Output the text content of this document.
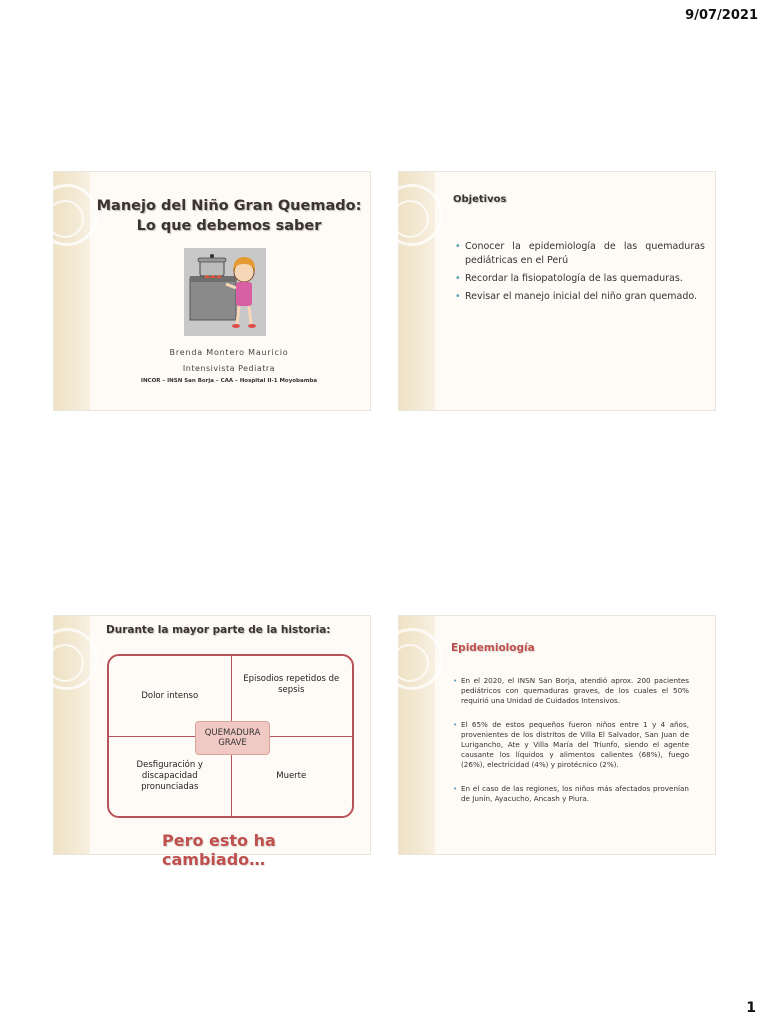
9/07/2021
Manejo del Niño Gran Quemado:
Lo que debemos saber
Brenda Montero Mauricio
Intensivista Pediatra
INCOR – INSN San Borja – CAA – Hospital II-1 Moyobamba
Objetivos
• Conocer la epidemiología de las quemaduras pediátricas en el Perú
• Recordar la fisiopatología de las quemaduras.
• Revisar el manejo inicial del niño gran quemado.
Durante la mayor parte de la historia:
Dolor intenso
Episodios repetidos de sepsis
Desfiguración y discapacidad pronunciadas
Muerte
QUEMADURA
GRAVE
Pero esto ha cambiado…
Epidemiología
• En el 2020, el INSN San Borja, atendió aprox. 200 pacientes pediátricos con quemaduras graves, de los cuales el 50% requirió una Unidad de Cuidados Intensivos.
• El 65% de estos pequeños fueron niños entre 1 y 4 años, provenientes de los distritos de Villa El Salvador, San Juan de Lurigancho, Ate y Villa María del Triunfo, siendo el agente causante los líquidos y alimentos calientes (68%), fuego (26%), electricidad (4%) y pirotécnico (2%).
• En el caso de las regiones, los niños más afectados provenían de Junín, Ayacucho, Ancash y Piura.
1
